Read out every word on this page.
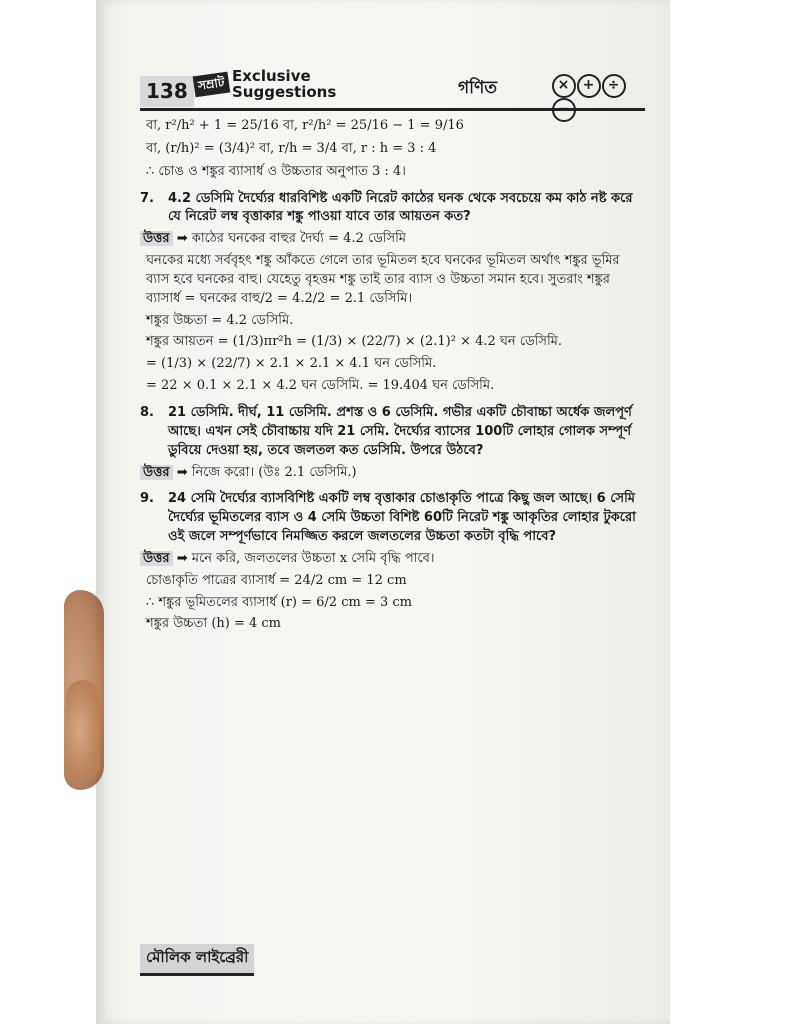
138 সম্রাট Exclusive
Suggestions	গণিত	× + ÷−

বা, r²/h² + 1 = 25/16 বা, r²/h² = 25/16 − 1 = 9/16

বা, (r/h)² = (3/4)² বা, r/h = 3/4 বা, r : h = 3 : 4

∴ চোঙ ও শঙ্কুর ব্যাসার্ধ ও উচ্চতার অনুপাত 3 : 4।

7.	4.2 ডেসিমি দৈর্ঘ্যের ধারবিশিষ্ট একটি নিরেট কাঠের ঘনক থেকে সবচেয়ে কম কাঠ নষ্ট করে যে নিরেট লম্ব বৃত্তাকার শঙ্কু পাওয়া যাবে তার আয়তন কত?

উত্তর ➡ কাঠের ঘনকের বাহুর দৈর্ঘ্য = 4.2 ডেসিমি

ঘনকের মধ্যে সর্ববৃহৎ শঙ্কু আঁকতে গেলে তার ভূমিতল হবে ঘনকের ভূমিতল অর্থাৎ শঙ্কুর ভূমির ব্যাস হবে ঘনকের বাহু। যেহেতু বৃহত্তম শঙ্কু তাই তার ব্যাস ও উচ্চতা সমান হবে। সুতরাং শঙ্কুর ব্যাসার্ধ = ঘনকের বাহু/2 = 4.2/2 = 2.1 ডেসিমি।

শঙ্কুর উচ্চতা = 4.2 ডেসিমি.

শঙ্কুর আয়তন = (1/3)πr²h = (1/3) × (22/7) × (2.1)² × 4.2 ঘন ডেসিমি.

= (1/3) × (22/7) × 2.1 × 2.1 × 4.1 ঘন ডেসিমি.

= 22 × 0.1 × 2.1 × 4.2 ঘন ডেসিমি. = 19.404 ঘন ডেসিমি.

8.	21 ডেসিমি. দীর্ঘ, 11 ডেসিমি. প্রশস্ত ও 6 ডেসিমি. গভীর একটি চৌবাচ্চা অর্ধেক জলপূর্ণ আছে। এখন সেই চৌবাচ্চায় যদি 21 সেমি. দৈর্ঘ্যের ব্যাসের 100টি লোহার গোলক সম্পূর্ণ ডুবিয়ে দেওয়া হয়, তবে জলতল কত ডেসিমি. উপরে উঠবে?

উত্তর ➡ নিজে করো। (উঃ 2.1 ডেসিমি.)

9.	24 সেমি দৈর্ঘ্যের ব্যাসবিশিষ্ট একটি লম্ব বৃত্তাকার চোঙাকৃতি পাত্রে কিছু জল আছে। 6 সেমি দৈর্ঘ্যের ভূমিতলের ব্যাস ও 4 সেমি উচ্চতা বিশিষ্ট 60টি নিরেট শঙ্কু আকৃতির লোহার টুকরো ওই জলে সম্পূর্ণভাবে নিমজ্জিত করলে জলতলের উচ্চতা কতটা বৃদ্ধি পাবে?

উত্তর ➡ মনে করি, জলতলের উচ্চতা x সেমি বৃদ্ধি পাবে।

চোঙাকৃতি পাত্রের ব্যাসার্ধ = 24/2 cm = 12 cm

∴ শঙ্কুর ভূমিতলের ব্যাসার্ধ (r) = 6/2 cm = 3 cm

শঙ্কুর উচ্চতা (h) = 4 cm

মৌলিক লাইব্রেরী
